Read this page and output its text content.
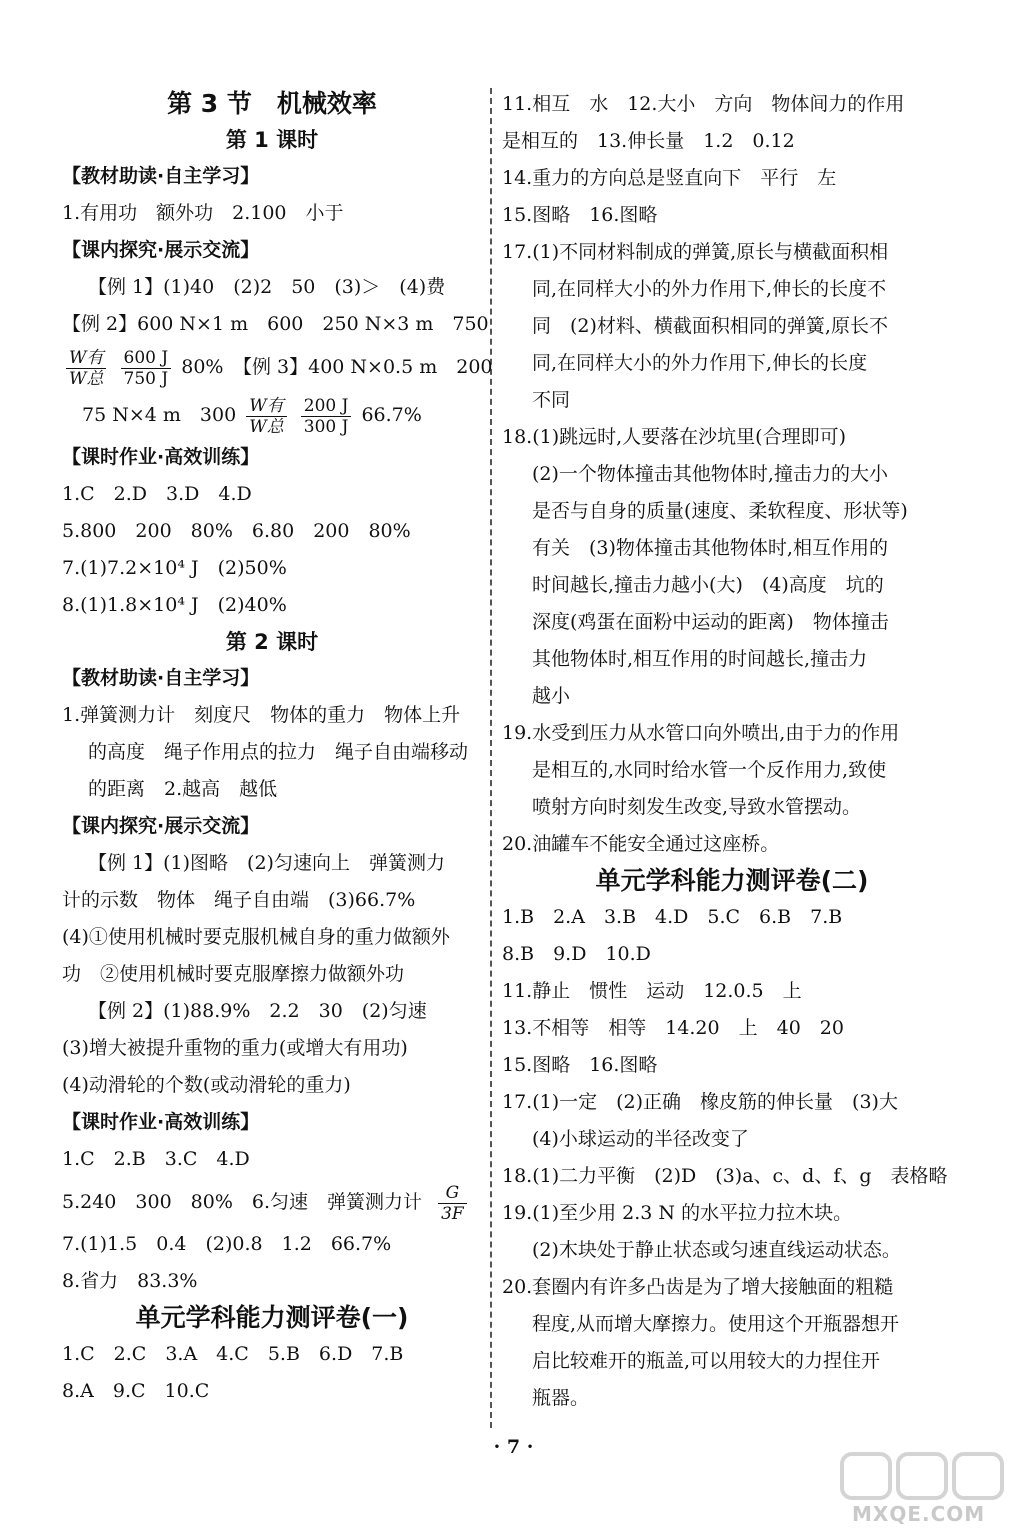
第 3 节　机械效率
第 1 课时
【教材助读·自主学习】
1.有用功　额外功　2.100　小于
【课内探究·展示交流】
【例 1】(1)40　(2)2　50　(3)＞　(4)费
【例 2】600 N×1 m　600　250 N×3 m　750
$\frac{\text{W有}}{\text{W总}}$
$\frac{600 J}{750 J} 80\%$　【例 3】400 N×0.5 m　200
75 N×4 m　$300 \frac{\text{W有}}{\text{W总}}$
$\frac{200 J}{300 J} 66.7\%$
【课时作业·高效训练】
1.C　2.D　3.D　4.D
5.800　200　80%　6.80　200　80%
7.(1)7.2×10⁴ J　(2)50%
8.(1)1.8×10⁴ J　(2)40%
第 2 课时
【教材助读·自主学习】
1.弹簧测力计　刻度尺　物体的重力　物体上升
的高度　绳子作用点的拉力　绳子自由端移动
的距离　2.越高　越低
【课内探究·展示交流】
【例 1】(1)图略　(2)匀速向上　弹簧测力
计的示数　物体　绳子自由端　(3)66.7%
(4)①使用机械时要克服机械自身的重力做额外
功　②使用机械时要克服摩擦力做额外功
【例 2】(1)88.9%　2.2　30　(2)匀速
(3)增大被提升重物的重力(或增大有用功)
(4)动滑轮的个数(或动滑轮的重力)
【课时作业·高效训练】
1.C　2.B　3.C　4.D
5.240　300　80%　6.匀速　弹簧测力计 $\frac{G}{3F}$
7.(1)1.5　0.4　(2)0.8　1.2　66.7%
8.省力　83.3%
单元学科能力测评卷(一)
1.C　2.C　3.A　4.C　5.B　6.D　7.B
8.A　9.C　10.C
11.相互　水　12.大小　方向　物体间力的作用
是相互的　13.伸长量　1.2　0.12
14.重力的方向总是竖直向下　平行　左
15.图略　16.图略
17.(1)不同材料制成的弹簧,原长与横截面积相
同,在同样大小的外力作用下,伸长的长度不
同　(2)材料、横截面积相同的弹簧,原长不
同,在同样大小的外力作用下,伸长的长度
不同
18.(1)跳远时,人要落在沙坑里(合理即可)
(2)一个物体撞击其他物体时,撞击力的大小
是否与自身的质量(速度、柔软程度、形状等)
有关　(3)物体撞击其他物体时,相互作用的
时间越长,撞击力越小(大)　(4)高度　坑的
深度(鸡蛋在面粉中运动的距离)　物体撞击
其他物体时,相互作用的时间越长,撞击力
越小
19.水受到压力从水管口向外喷出,由于力的作用
是相互的,水同时给水管一个反作用力,致使
喷射方向时刻发生改变,导致水管摆动。
20.油罐车不能安全通过这座桥。
单元学科能力测评卷(二)
1.B　2.A　3.B　4.D　5.C　6.B　7.B
8.B　9.D　10.D
11.静止　惯性　运动　12.0.5　上
13.不相等　相等　14.20　上　40　20
15.图略　16.图略
17.(1)一定　(2)正确　橡皮筋的伸长量　(3)大
(4)小球运动的半径改变了
18.(1)二力平衡　(2)D　(3)a、c、d、f、g　表格略
19.(1)至少用 2.3 N 的水平拉力拉木块。
(2)木块处于静止状态或匀速直线运动状态。
20.套圈内有许多凸齿是为了增大接触面的粗糙
程度,从而增大摩擦力。使用这个开瓶器想开
启比较难开的瓶盖,可以用较大的力捏住开
瓶器。
· 7 ·
MXQE.COM
